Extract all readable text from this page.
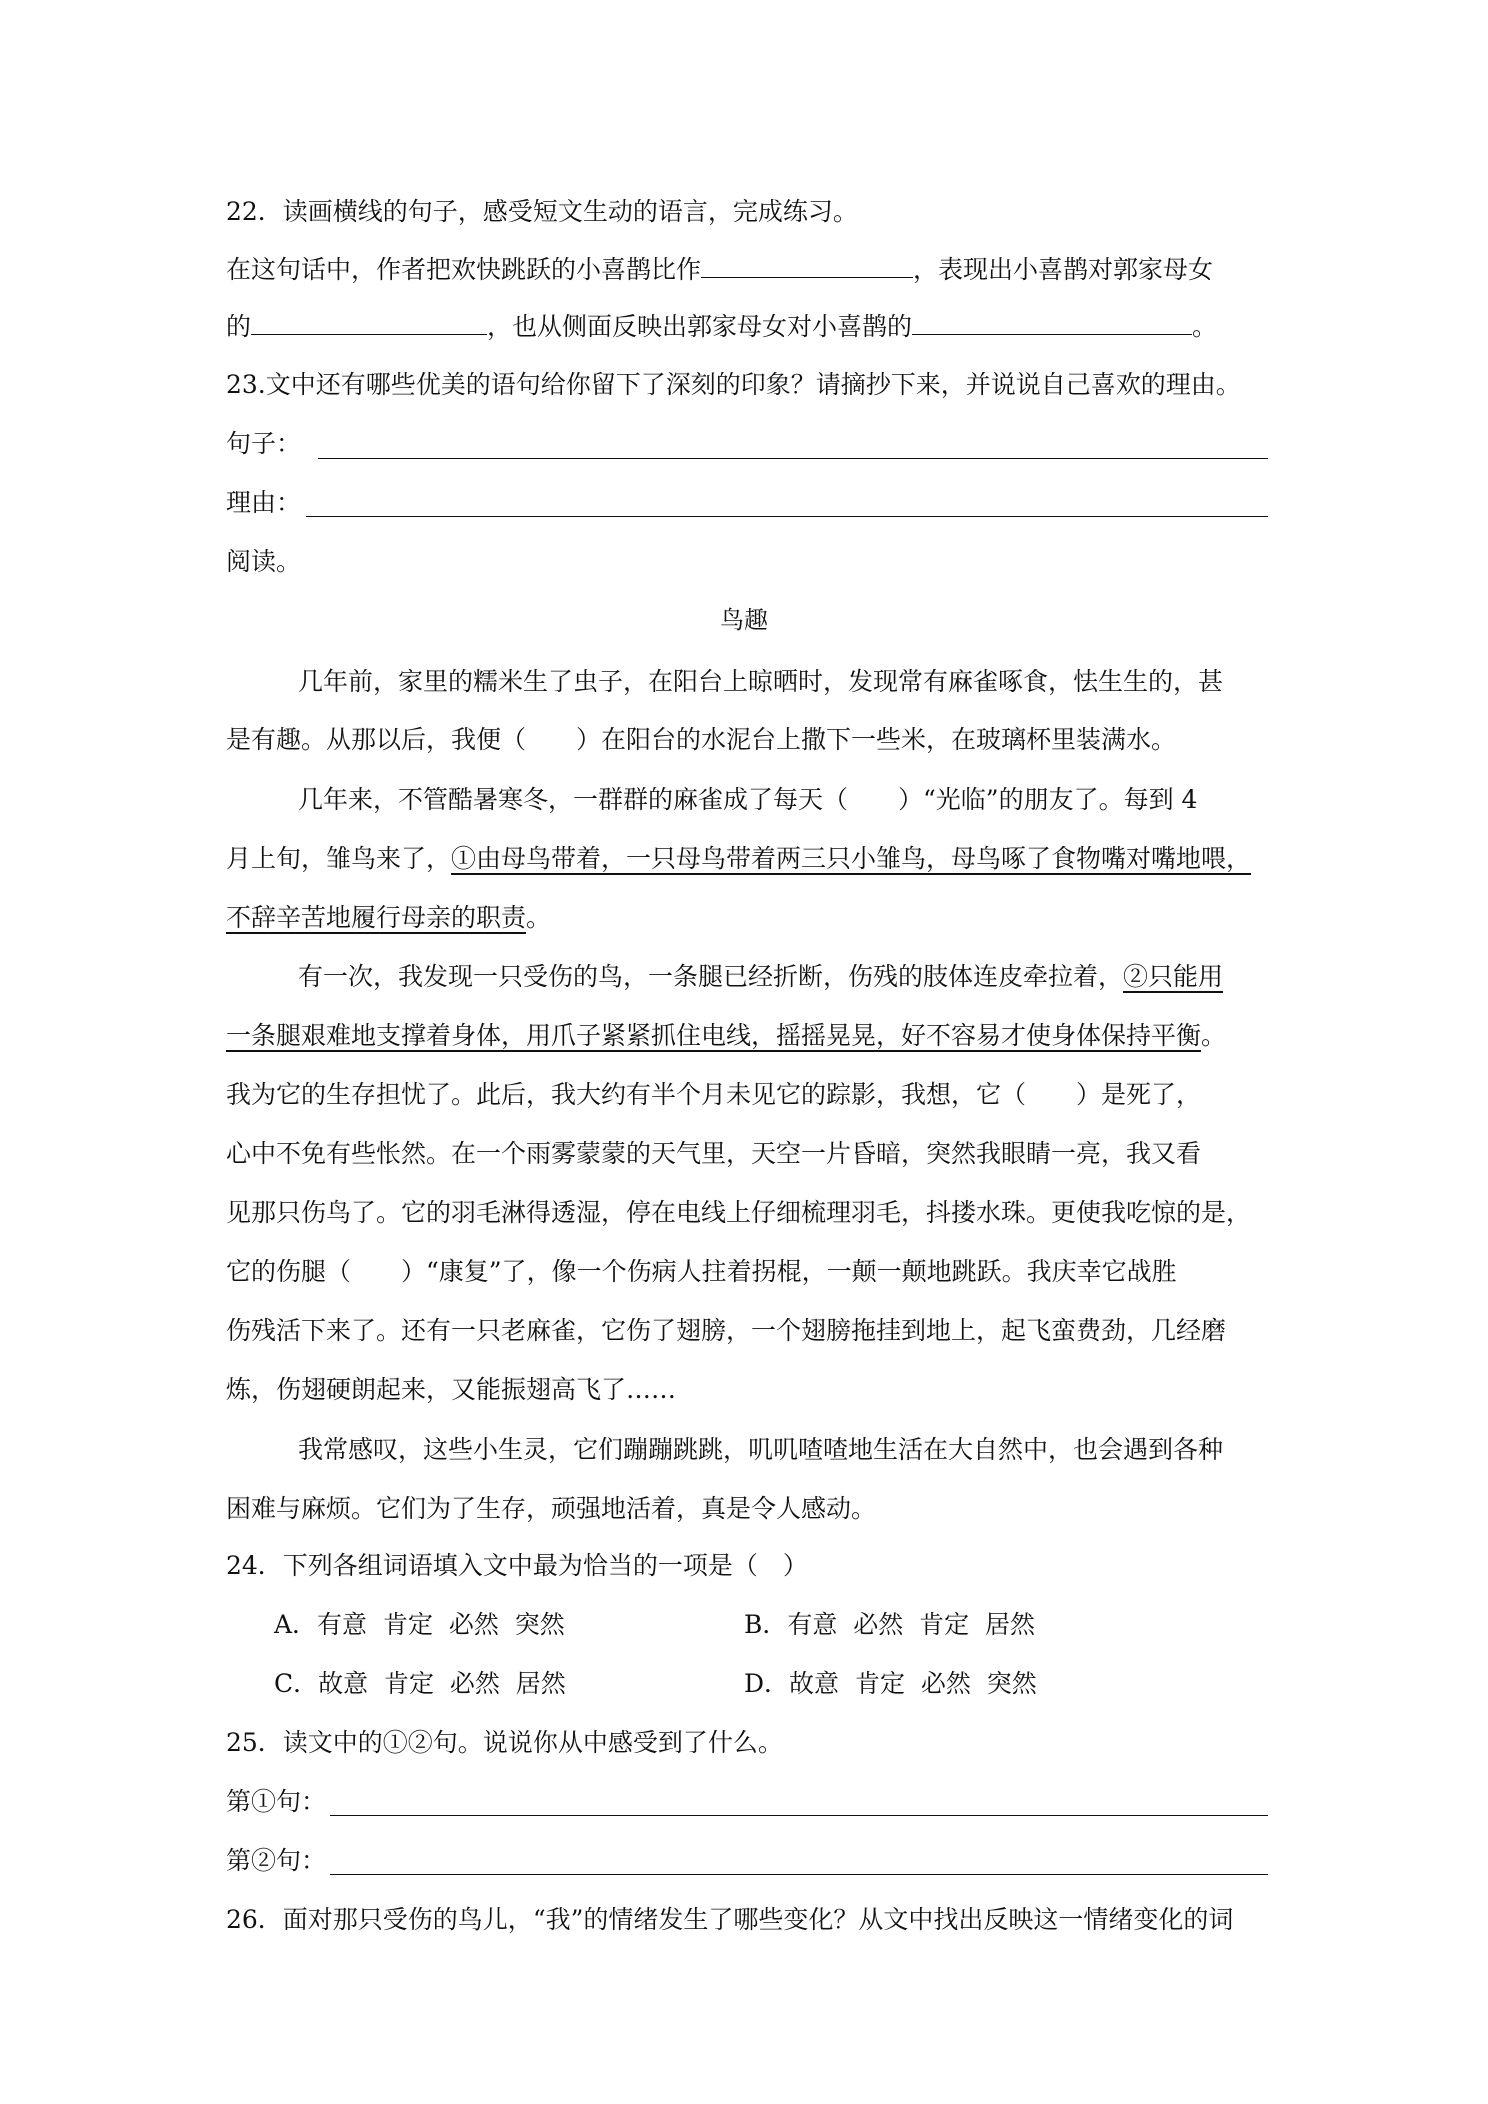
22．读画横线的句子，感受短文生动的语言，完成练习。
在这句话中，作者把欢快跳跃的小喜鹊比作	，表现出小喜鹊对郭家母女
的	，也从侧面反映出郭家母女对小喜鹊的	。
23.文中还有哪些优美的语句给你留下了深刻的印象？请摘抄下来，并说说自己喜欢的理由。
句子：
理由：
阅读。
鸟趣
几年前，家里的糯米生了虫子，在阳台上晾晒时，发现常有麻雀啄食，怯生生的，甚
是有趣。从那以后，我便（　　）在阳台的水泥台上撒下一些米，在玻璃杯里装满水。
几年来，不管酷暑寒冬，一群群的麻雀成了每天（　　）“光临”的朋友了。每到 4
月上旬，雏鸟来了，①由母鸟带着，一只母鸟带着两三只小雏鸟，母鸟啄了食物嘴对嘴地喂，
不辞辛苦地履行母亲的职责。
有一次，我发现一只受伤的鸟，一条腿已经折断，伤残的肢体连皮牵拉着，②只能用
一条腿艰难地支撑着身体，用爪子紧紧抓住电线，摇摇晃晃，好不容易才使身体保持平衡。
我为它的生存担忧了。此后，我大约有半个月未见它的踪影，我想，它（　　）是死了，
心中不免有些怅然。在一个雨雾蒙蒙的天气里，天空一片昏暗，突然我眼睛一亮，我又看
见那只伤鸟了。它的羽毛淋得透湿，停在电线上仔细梳理羽毛，抖搂水珠。更使我吃惊的是，
它的伤腿（　　）“康复”了，像一个伤病人拄着拐棍，一颠一颠地跳跃。我庆幸它战胜
伤残活下来了。还有一只老麻雀，它伤了翅膀，一个翅膀拖挂到地上，起飞蛮费劲，几经磨
炼，伤翅硬朗起来，又能振翅高飞了……
我常感叹，这些小生灵，它们蹦蹦跳跳，叽叽喳喳地生活在大自然中，也会遇到各种
困难与麻烦。它们为了生存，顽强地活着，真是令人感动。
24．下列各组词语填入文中最为恰当的一项是（　）
A．有意  肯定  必然  突然	B．有意  必然  肯定  居然
C．故意  肯定  必然  居然	D．故意  肯定  必然  突然
25．读文中的①②句。说说你从中感受到了什么。
第①句：
第②句：
26．面对那只受伤的鸟儿，“我”的情绪发生了哪些变化？从文中找出反映这一情绪变化的词
